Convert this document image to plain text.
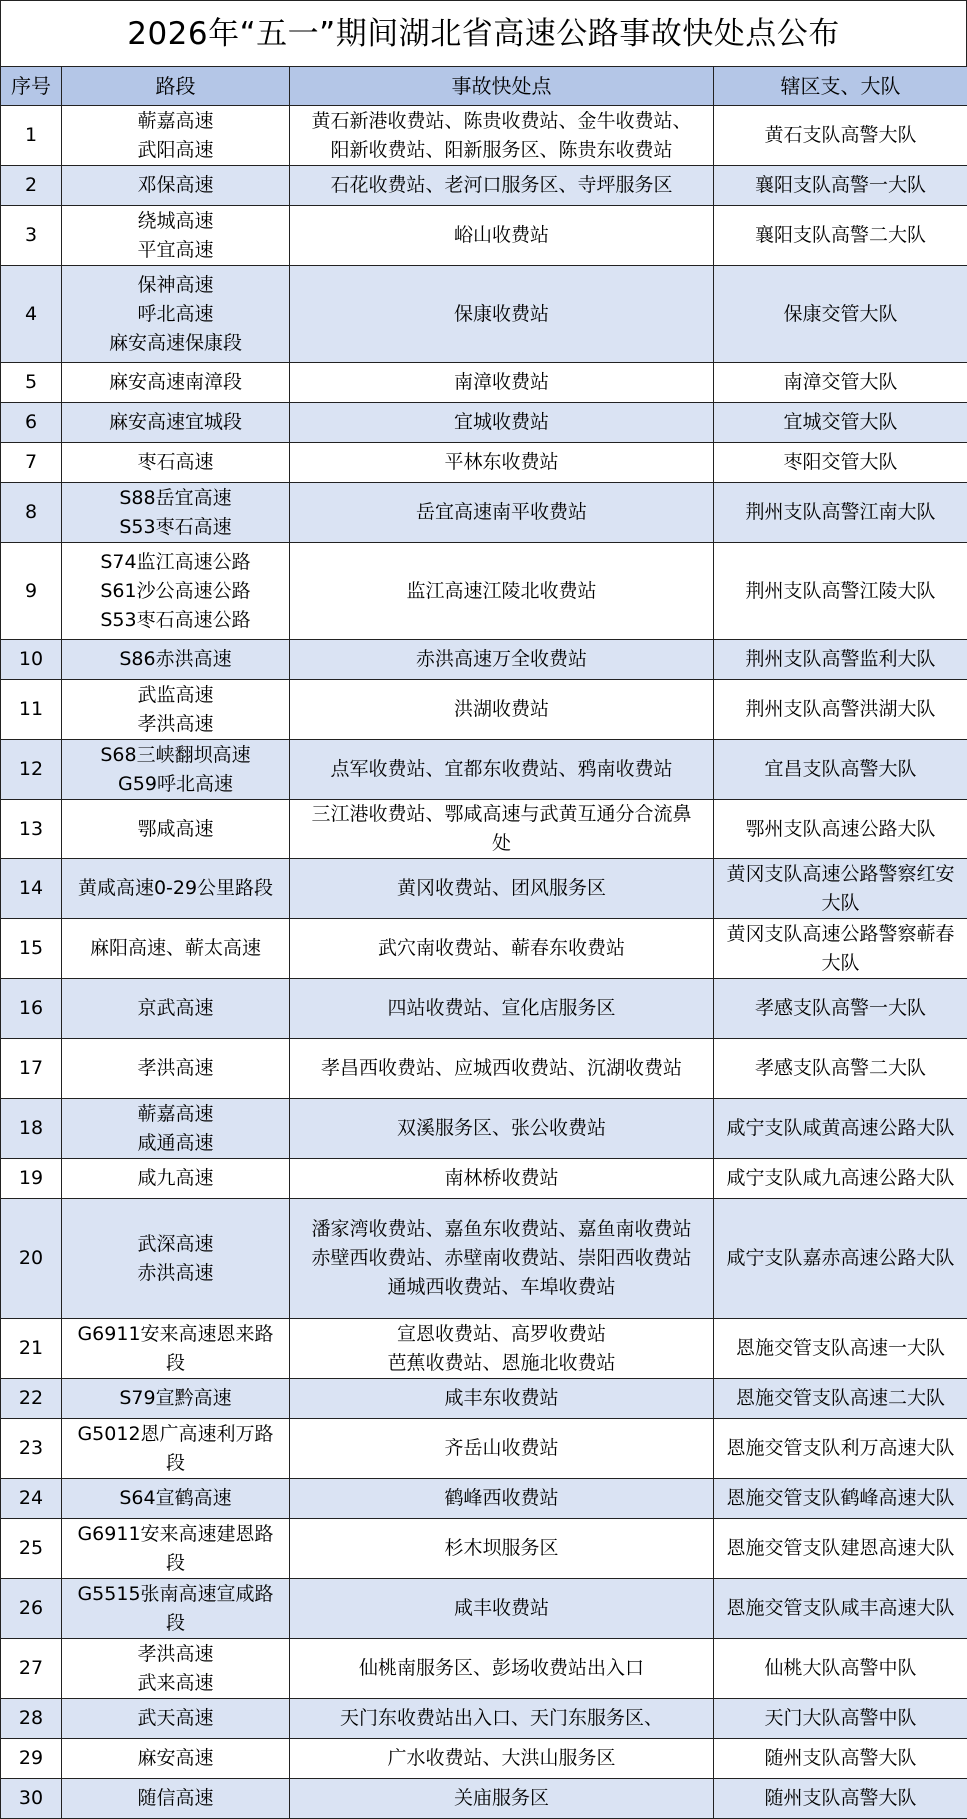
2026年“五一”期间湖北省高速公路事故快处点公布
序号	路段	事故快处点	辖区支、大队
1	蕲嘉高速
武阳高速	黄石新港收费站、陈贵收费站、金牛收费站、
阳新收费站、阳新服务区、陈贵东收费站	黄石支队高警大队

2	邓保高速	石花收费站、老河口服务区、寺坪服务区	襄阳支队高警一大队

3	绕城高速
平宜高速	峪山收费站	襄阳支队高警二大队

4	保神高速
呼北高速
麻安高速保康段	保康收费站	保康交管大队

5	麻安高速南漳段	南漳收费站	南漳交管大队

6	麻安高速宜城段	宜城收费站	宜城交管大队

7	枣石高速	平林东收费站	枣阳交管大队

8	S88岳宜高速
S53枣石高速	岳宜高速南平收费站	荆州支队高警江南大队

9	S74监江高速公路
S61沙公高速公路
S53枣石高速公路	监江高速江陵北收费站	荆州支队高警江陵大队

10	S86赤洪高速	赤洪高速万全收费站	荆州支队高警监利大队

11	武监高速
孝洪高速	洪湖收费站	荆州支队高警洪湖大队

12	S68三峡翻坝高速
G59呼北高速	点军收费站、宜都东收费站、鸦南收费站	宜昌支队高警大队

13	鄂咸高速	三江港收费站、鄂咸高速与武黄互通分合流鼻
处	鄂州支队高速公路大队

14	黄咸高速0-29公里路段	黄冈收费站、团风服务区	黄冈支队高速公路警察红安
大队

15	麻阳高速、蕲太高速	武穴南收费站、蕲春东收费站	黄冈支队高速公路警察蕲春
大队

16	京武高速	四站收费站、宣化店服务区	孝感支队高警一大队

17	孝洪高速	孝昌西收费站、应城西收费站、沉湖收费站	孝感支队高警二大队

18	蕲嘉高速
咸通高速	双溪服务区、张公收费站	咸宁支队咸黄高速公路大队

19	咸九高速	南林桥收费站	咸宁支队咸九高速公路大队

20	武深高速
赤洪高速	潘家湾收费站、嘉鱼东收费站、嘉鱼南收费站
赤壁西收费站、赤壁南收费站、崇阳西收费站
通城西收费站、车埠收费站	咸宁支队嘉赤高速公路大队

21	G6911安来高速恩来路
段	宣恩收费站、高罗收费站
芭蕉收费站、恩施北收费站	恩施交管支队高速一大队

22	S79宣黔高速	咸丰东收费站	恩施交管支队高速二大队

23	G5012恩广高速利万路
段	齐岳山收费站	恩施交管支队利万高速大队

24	S64宣鹤高速	鹤峰西收费站	恩施交管支队鹤峰高速大队

25	G6911安来高速建恩路
段	杉木坝服务区	恩施交管支队建恩高速大队

26	G5515张南高速宣咸路
段	咸丰收费站	恩施交管支队咸丰高速大队

27	孝洪高速
武来高速	仙桃南服务区、彭场收费站出入口	仙桃大队高警中队

28	武天高速	天门东收费站出入口、天门东服务区、	天门大队高警中队

29	麻安高速	广水收费站、大洪山服务区	随州支队高警大队

30	随信高速	关庙服务区	随州支队高警大队
